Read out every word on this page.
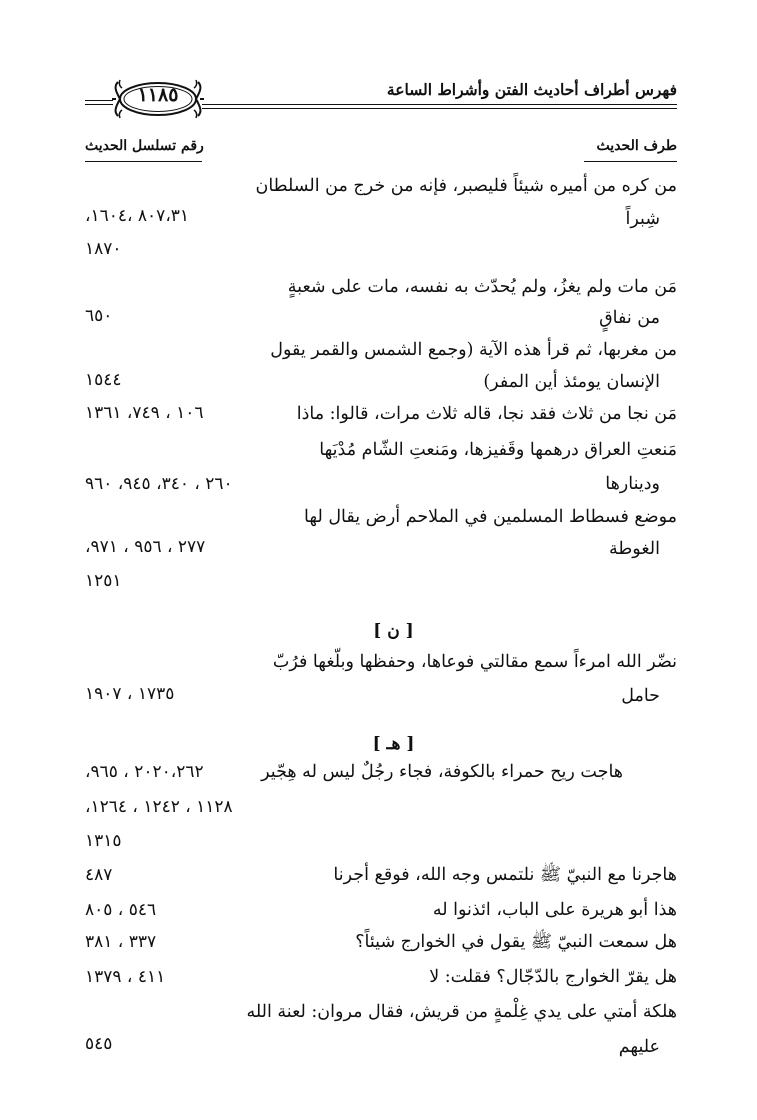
فهرس أطراف أحاديث الفتن وأشراط الساعة
١١٨٥
طرف الحديث
رقم تسلسل الحديث
من كره من أميره شيئاً فليصبر، فإنه من خرج من السلطان
شِبراً
٨٠٧،٣١ ،١٦٠٤،
١٨٧٠
مَن مات ولم يغزُ، ولم يُحدّث به نفسه، مات على شعبةٍ
من نفاقٍ
٦٥٠
من مغربها، ثم قرأ هذه الآية (وجمع الشمس والقمر يقول
الإنسان يومئذ أين المفر)
١٥٤٤
مَن نجا من ثلاث فقد نجا، قاله ثلاث مرات، قالوا: ماذا
١٠٦ ، ٧٤٩، ١٣٦١
مَنعتِ العراق درهمها وقَفيزها، ومَنعتِ الشّام مُدْيَها
ودينارها
٢٦٠ ، ٣٤٠، ٩٤٥، ٩٦٠
موضع فسطاط المسلمين في الملاحم أرض يقال لها
الغوطة
٢٧٧ ، ٩٥٦ ، ٩٧١،
١٢٥١
[ ن ]
نضّر الله امرءاً سمع مقالتي فوعاها، وحفظها وبلّغها فرُبّ
حامل
١٧٣٥ ، ١٩٠٧
[ هـ ]
هاجت ريح حمراء بالكوفة، فجاء رجُلٌ ليس له هِجّير
٢٠٢٠،٢٦٢ ، ٩٦٥،
١١٢٨ ، ١٢٤٢ ، ١٢٦٤،
١٣١٥
هاجرنا مع النبيّ ﷺ نلتمس وجه الله، فوقع أجرنا
٤٨٧
هذا أبو هريرة على الباب، ائذنوا له
٥٤٦ ، ٨٠٥
هل سمعت النبيّ ﷺ يقول في الخوارج شيئاً؟
٣٣٧ ، ٣٨١
هل يقرّ الخوارج بالدّجّال؟ فقلت: لا
٤١١ ، ١٣٧٩
هلكة أمتي على يدي غِلْمةٍ من قريش، فقال مروان: لعنة الله
عليهم
٥٤٥
